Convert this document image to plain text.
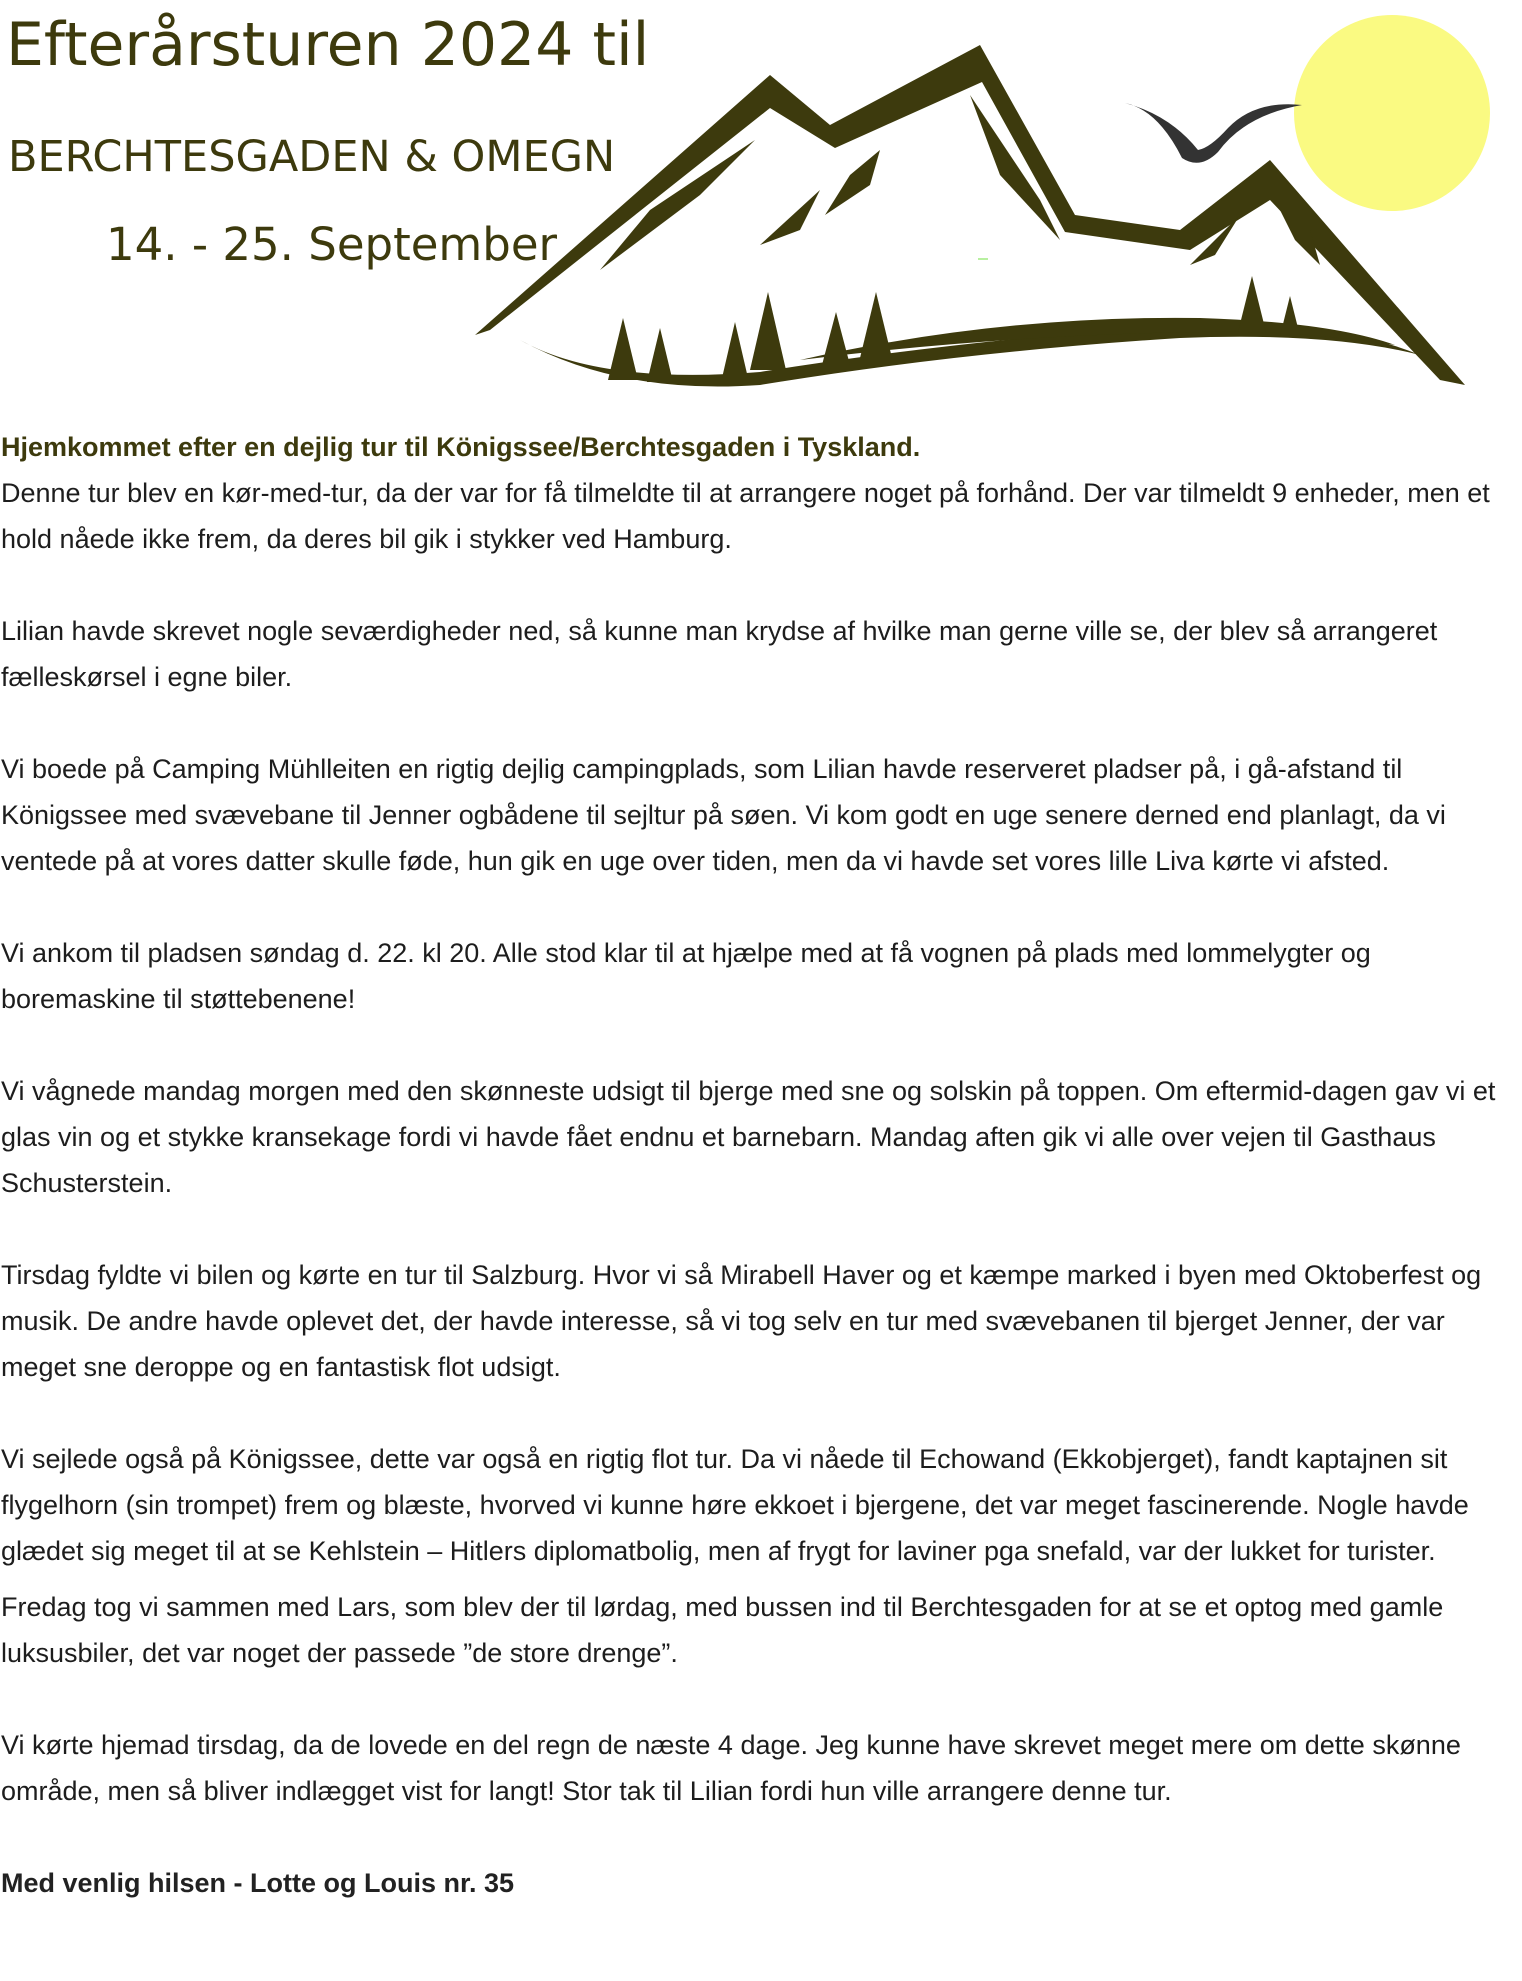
Efterårsturen 2024 til
BERCHTESGADEN & OMEGN
14. - 25. September

Hjemkommet efter en dejlig tur til Königssee/Berchtesgaden i Tyskland.

Denne tur blev en kør-med-tur, da der var for få tilmeldte til at arrangere noget på forhånd. Der var tilmeldt 9 enheder, men et hold nåede ikke frem, da deres bil gik i stykker ved Hamburg.

Lilian havde skrevet nogle seværdigheder ned, så kunne man krydse af hvilke man gerne ville se, der blev så arrangeret fælleskørsel i egne biler.

Vi boede på Camping Mühlleiten en rigtig dejlig campingplads, som Lilian havde reserveret pladser på, i gå-afstand til Königssee med svævebane til Jenner ogbådene til sejltur på søen. Vi kom godt en uge senere derned end planlagt, da vi ventede på at vores datter skulle føde, hun gik en uge over tiden, men da vi havde set vores lille Liva kørte vi afsted.

Vi ankom til pladsen søndag d. 22. kl 20. Alle stod klar til at hjælpe med at få vognen på plads med lommelygter og boremaskine til støttebenene!

Vi vågnede mandag morgen med den skønneste udsigt til bjerge med sne og solskin på toppen. Om eftermid-dagen gav vi et glas vin og et stykke kransekage fordi vi havde fået endnu et barnebarn. Mandag aften gik vi alle over vejen til Gasthaus Schusterstein.

Tirsdag fyldte vi bilen og kørte en tur til Salzburg. Hvor vi så Mirabell Haver og et kæmpe marked i byen med Oktoberfest og musik. De andre havde oplevet det, der havde interesse, så vi tog selv en tur med svævebanen til bjerget Jenner, der var meget sne deroppe og en fantastisk flot udsigt.

Vi sejlede også på Königssee, dette var også en rigtig flot tur. Da vi nåede til Echowand (Ekkobjerget), fandt kaptajnen sit flygelhorn (sin trompet) frem og blæste, hvorved vi kunne høre ekkoet i bjergene, det var meget fascinerende. Nogle havde glædet sig meget til at se Kehlstein – Hitlers diplomatbolig, men af frygt for laviner pga snefald, var der lukket for turister.

Fredag tog vi sammen med Lars, som blev der til lørdag, med bussen ind til Berchtesgaden for at se et optog med gamle luksusbiler, det var noget der passede ”de store drenge”.

Vi kørte hjemad tirsdag, da de lovede en del regn de næste 4 dage. Jeg kunne have skrevet meget mere om dette skønne område, men så bliver indlægget vist for langt! Stor tak til Lilian fordi hun ville arrangere denne tur.

Med venlig hilsen - Lotte og Louis nr. 35
